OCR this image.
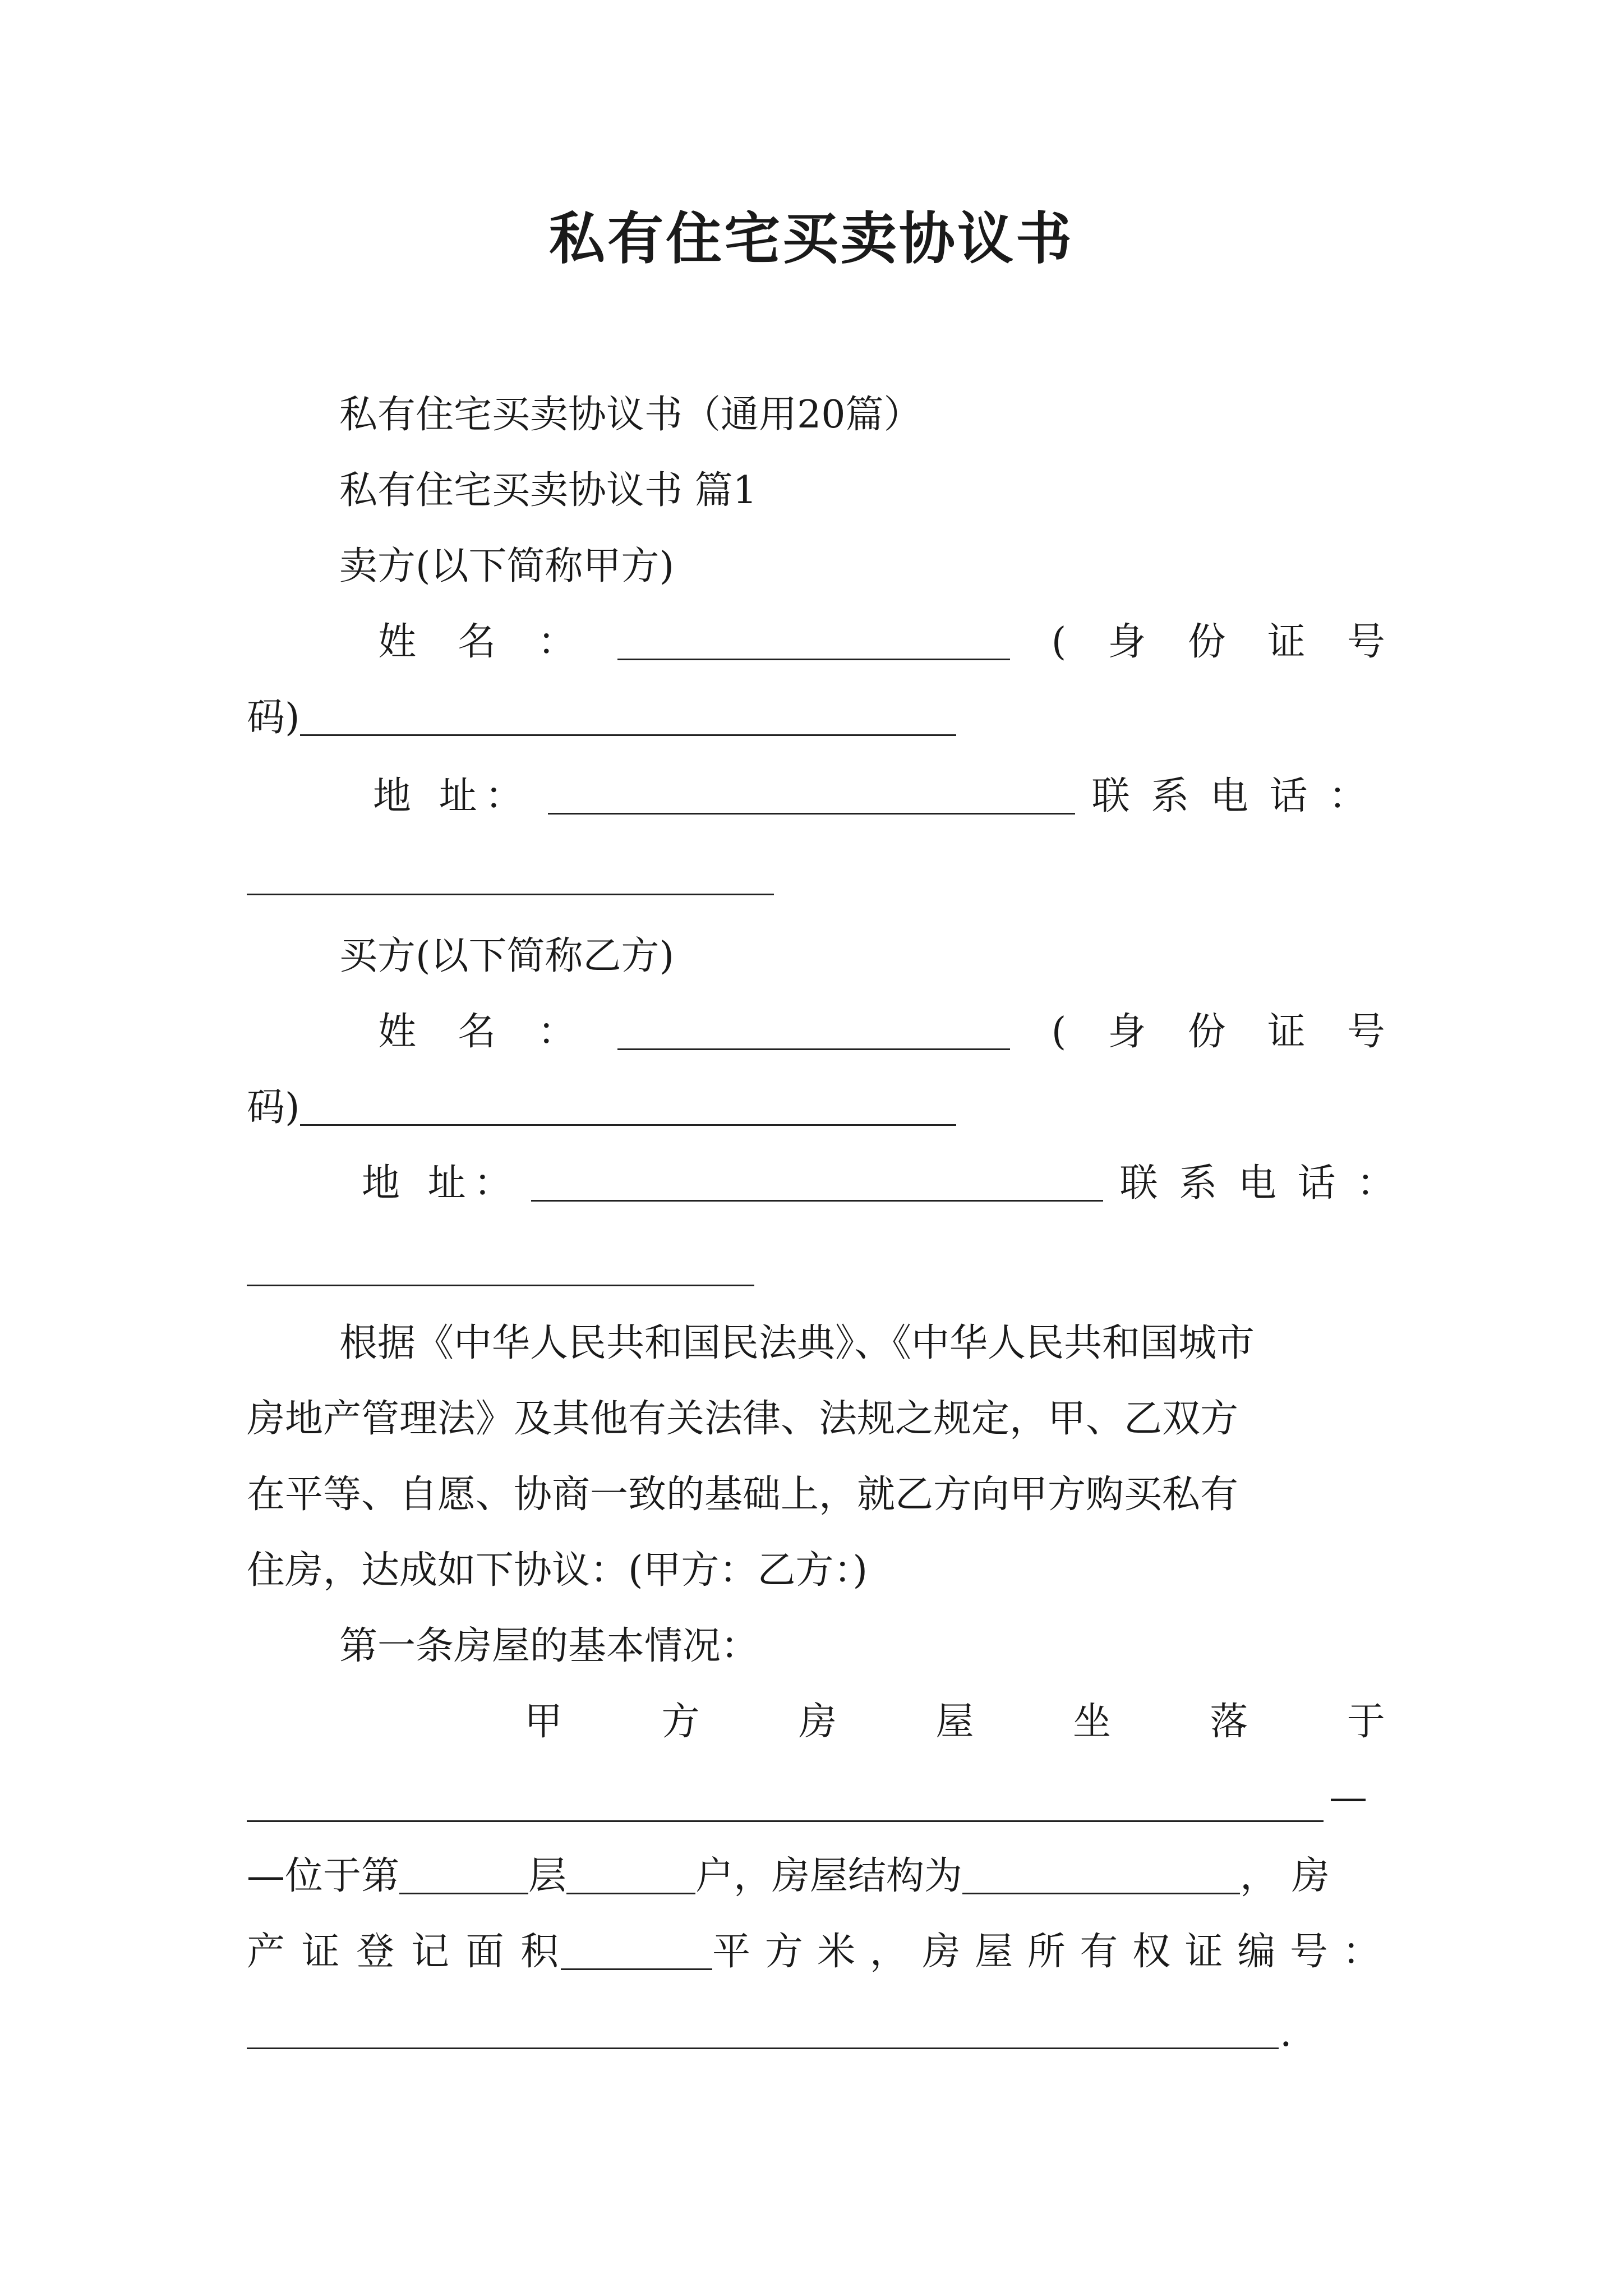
私有住宅买卖协议书
私有住宅买卖协议书（通用20篇）
私有住宅买卖协议书 篇1
卖方(以下简称甲方)
姓 名 ：	( 身 份 证 号
码)
地 址：	联 系 电 话 ：
买方(以下简称乙方)
姓 名 ：	( 身 份 证 号
码)
地 址：	联 系 电 话 ：
根据《中华人民共和国民法典》、《中华人民共和国城市
房地产管理法》及其他有关法律、法规之规定，甲、乙双方
在平等、自愿、协商一致的基础上，就乙方向甲方购买私有
住房，达成如下协议：(甲方：乙方：)
第一条房屋的基本情况：
甲	方	房	屋	坐	落	于
—
—位于第	层	户，房屋结构为	，房
产 证 登 记 面 积	平 方 米 ， 房 屋 所 有 权 证 编 号 ：
.
